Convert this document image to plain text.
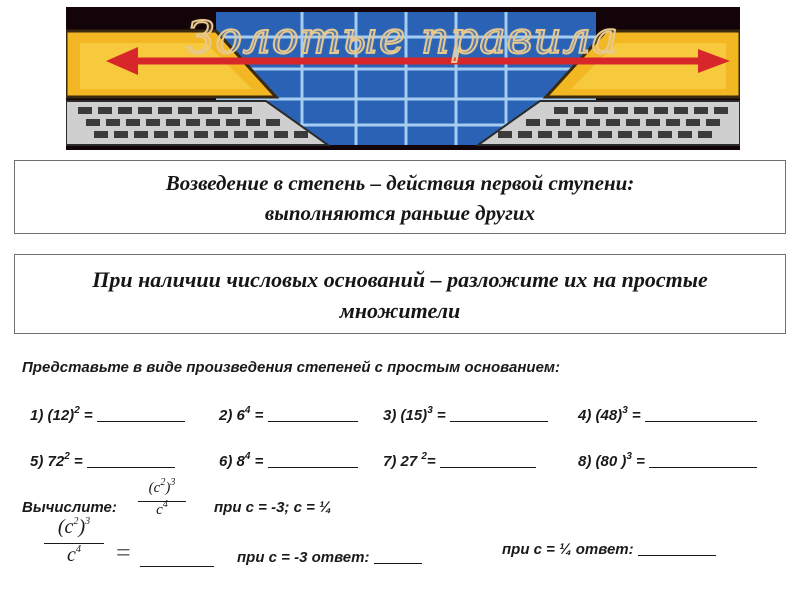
Золотые правила
Возведение в степень – действия первой ступени:
выполняются раньше других
При наличии числовых оснований – разложите их на простые
множители
Представьте в виде произведения степеней с простым основанием:
1) $(12)^2$ =	2) $6^4$ =	3) $(15)^3$ =	4) $(48)^3$ =
5) $72^2$ =	6) $8^4$ =	7) 27 $^2$=	8) (80 )$^3$ =
Вычислите:
$(c^2)^3$
$c^4$	при с = -3; с = ¼
$(c^2)^3$
$c^4$	=	при с = -3 ответ:	при с = ¼ ответ:
